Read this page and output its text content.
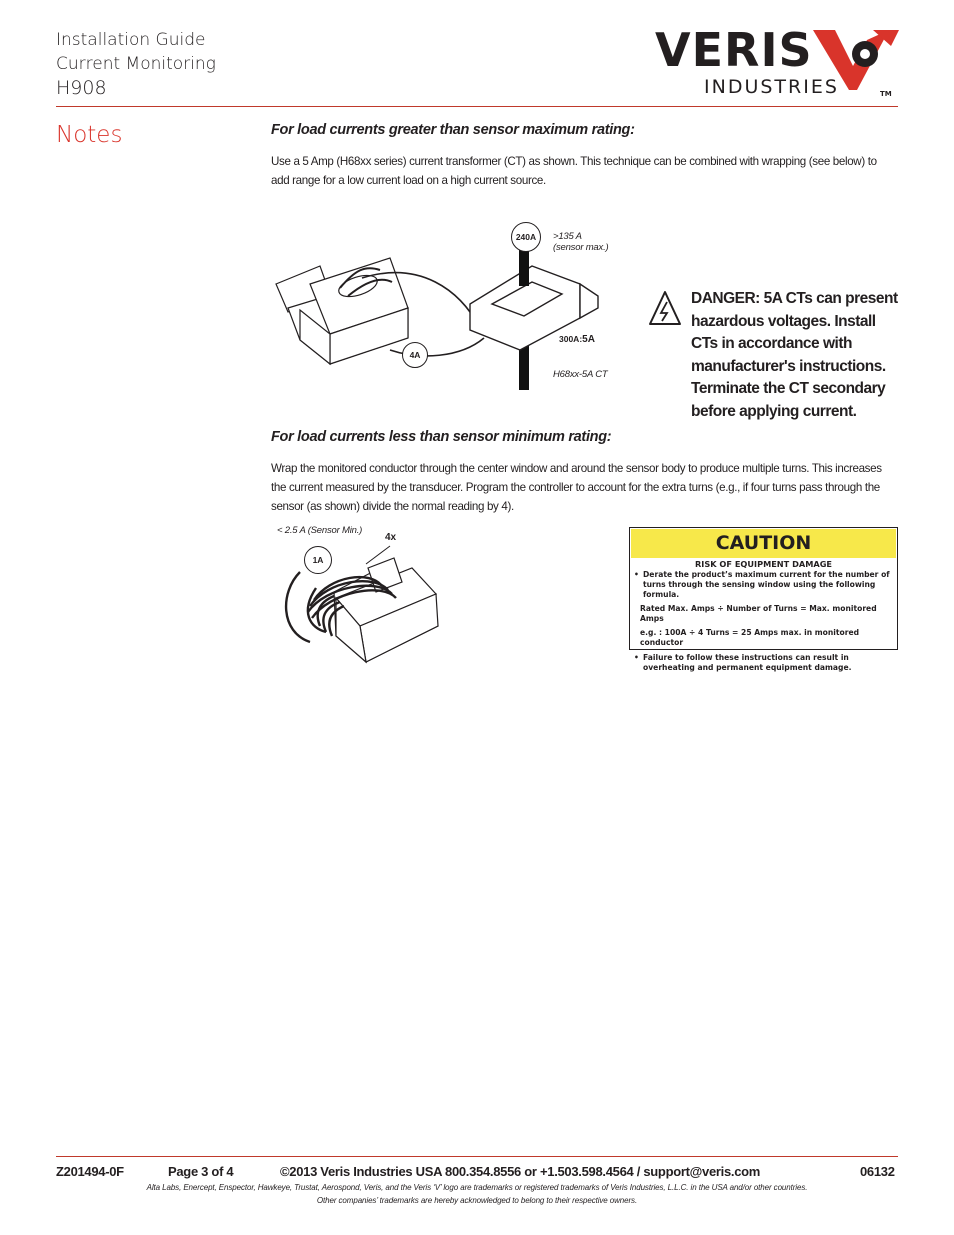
Installation Guide
Current Monitoring
H908
VERIS
INDUSTRIES	TM
Notes	For load currents greater than sensor maximum rating:
Use a 5 Amp (H68xx series) current transformer (CT) as shown. This technique can be combined with wrapping (see below) to add range for a low current load on a high current source.
240A	>135 A (sensor max.)
4A
300A:5A
H68xx-5A CT
DANGER: 5A CTs can present
hazardous voltages. Install
CTs in accordance with
manufacturer's instructions.
Terminate the CT secondary
before applying current.
For load currents less than sensor minimum rating:
Wrap the monitored conductor through the center window and around the sensor body to produce multiple turns. This increases the current measured by the transducer. Program the controller to account for the extra turns (e.g., if four turns pass through the sensor (as shown) divide the normal reading by 4).
< 2.5 A (Sensor Min.)
4x
1A
CAUTION
RISK OF EQUIPMENT DAMAGE
• Derate the product’s maximum current for the number of turns through the sensing window using the following formula.
Rated Max. Amps ÷ Number of Turns = Max. monitored Amps
e.g. : 100A ÷ 4 Turns = 25 Amps max. in monitored conductor
• Failure to follow these instructions can result in overheating and permanent equipment damage.
Z201494-0F	Page 3 of 4	©2013 Veris Industries USA 800.354.8556 or +1.503.598.4564 / support@veris.com	06132
Alta Labs, Enercept, Enspector, Hawkeye, Trustat, Aerospond, Veris, and the Veris ‘V’ logo are trademarks or registered trademarks of Veris Industries, L.L.C. in the USA and/or other countries.
Other companies’ trademarks are hereby acknowledged to belong to their respective owners.
